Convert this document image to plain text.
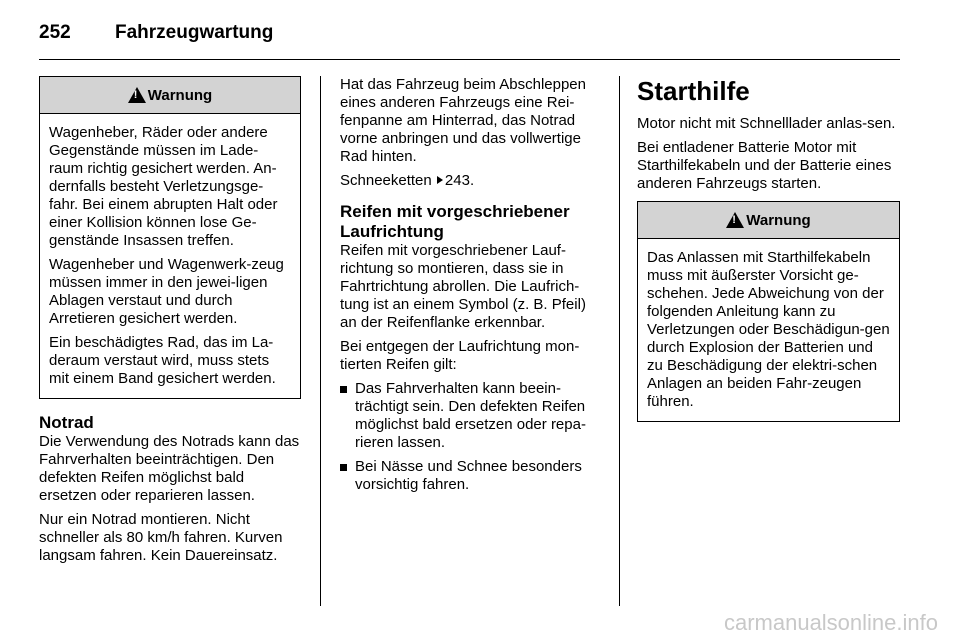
252	Fahrzeugwartung
!
Warnung

Wagenheber, Räder oder andere Gegenstände müssen im Lade-raum richtig gesichert werden. An-dernfalls besteht Verletzungsge-fahr. Bei einem abrupten Halt oder einer Kollision können lose Ge-genstände Insassen treffen.

Wagenheber und Wagenwerk-zeug müssen immer in den jewei-ligen Ablagen verstaut und durch Arretieren gesichert werden.

Ein beschädigtes Rad, das im La-deraum verstaut wird, muss stets mit einem Band gesichert werden.

Notrad

Die Verwendung des Notrads kann das Fahrverhalten beeinträchtigen. Den defekten Reifen möglichst bald ersetzen oder reparieren lassen.

Nur ein Notrad montieren. Nicht schneller als 80 km/h fahren. Kurven langsam fahren. Kein Dauereinsatz.

Hat das Fahrzeug beim Abschleppen eines anderen Fahrzeugs eine Rei-fenpanne am Hinterrad, das Notrad vorne anbringen und das vollwertige Rad hinten.

Schneeketten 243.

Reifen mit vorgeschriebener Laufrichtung

Reifen mit vorgeschriebener Lauf-richtung so montieren, dass sie in Fahrtrichtung abrollen. Die Laufrich-tung ist an einem Symbol (z. B. Pfeil) an der Reifenflanke erkennbar.

Bei entgegen der Laufrichtung mon-tierten Reifen gilt:

Das Fahrverhalten kann beein-trächtigt sein. Den defekten Reifen möglichst bald ersetzen oder repa-rieren lassen.
Bei Nässe und Schnee besonders vorsichtig fahren.
Starthilfe

Motor nicht mit Schnelllader anlas-sen.

Bei entladener Batterie Motor mit Starthilfekabeln und der Batterie eines anderen Fahrzeugs starten.

!
Warnung

Das Anlassen mit Starthilfekabeln muss mit äußerster Vorsicht ge-schehen. Jede Abweichung von der folgenden Anleitung kann zu Verletzungen oder Beschädigun-gen durch Explosion der Batterien und zu Beschädigung der elektri-schen Anlagen an beiden Fahr-zeugen führen.

carmanualsonline.info
